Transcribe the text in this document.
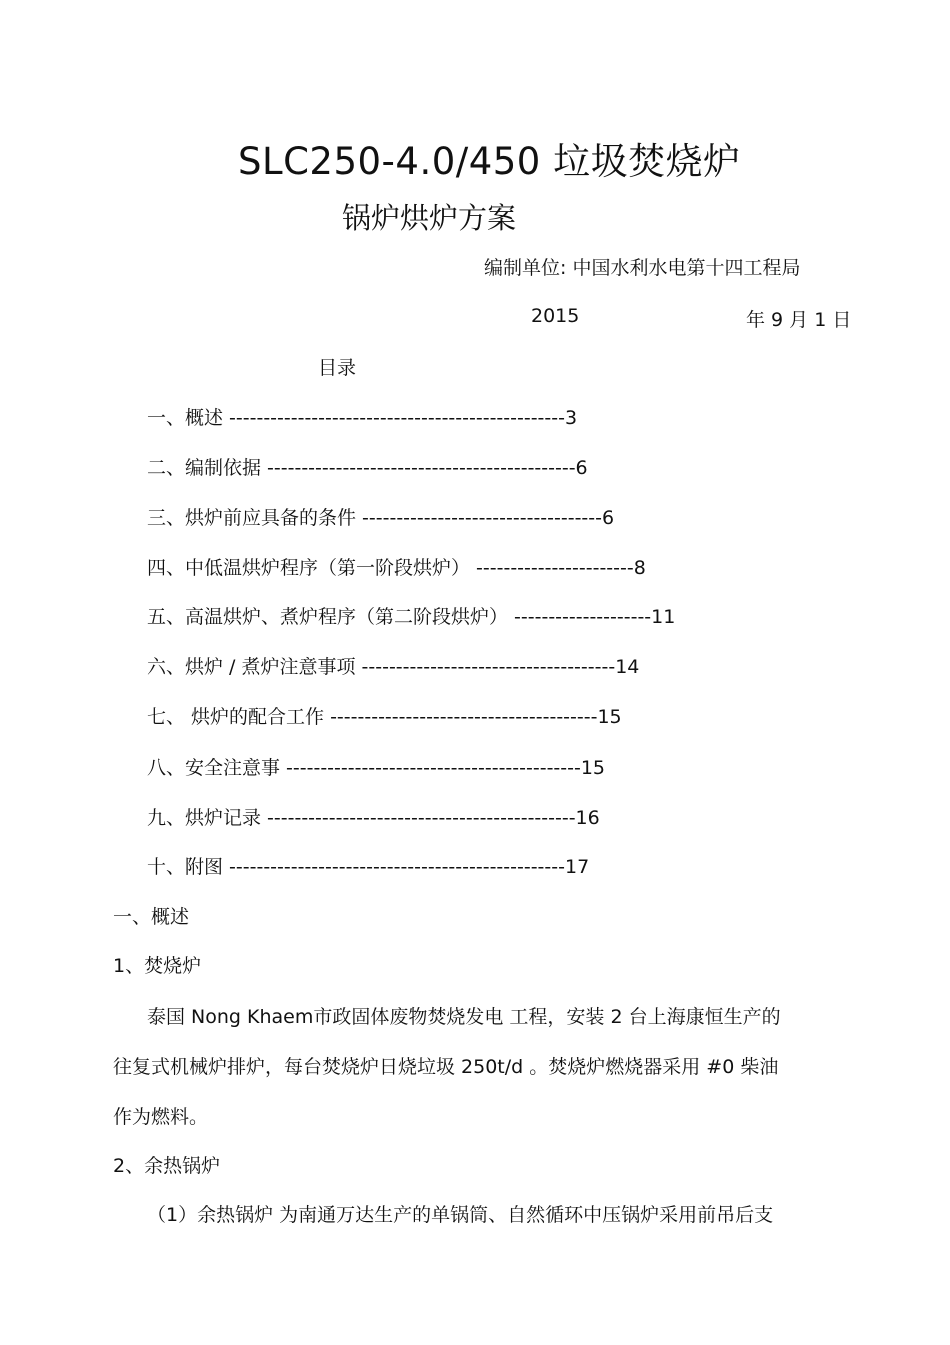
SLC250-4.0/450 垃圾焚烧炉
锅炉烘炉方案
编制单位: 中国水利水电第十四工程局
2015	年 9 月 1 日
目录
一、概述 -------------------------------------------------3
二、编制依据 ---------------------------------------------6
三、烘炉前应具备的条件 -----------------------------------6
四、中低温烘炉程序（第一阶段烘炉） -----------------------8
五、高温烘炉、煮炉程序（第二阶段烘炉） --------------------11
六、烘炉 / 煮炉注意事项 -------------------------------------14
七、 烘炉的配合工作 ---------------------------------------15
八、安全注意事 -------------------------------------------15
九、烘炉记录 ---------------------------------------------16
十、附图 -------------------------------------------------17
一、概述
1、焚烧炉
泰国 Nong Khaem市政固体废物焚烧发电 工程，安装 2 台上海康恒生产的
往复式机械炉排炉，每台焚烧炉日烧垃圾 250t/d 。焚烧炉燃烧器采用 #0 柴油
作为燃料。
2、余热锅炉
（1）余热锅炉 为南通万达生产的单锅筒、自然循环中压锅炉采用前吊后支
